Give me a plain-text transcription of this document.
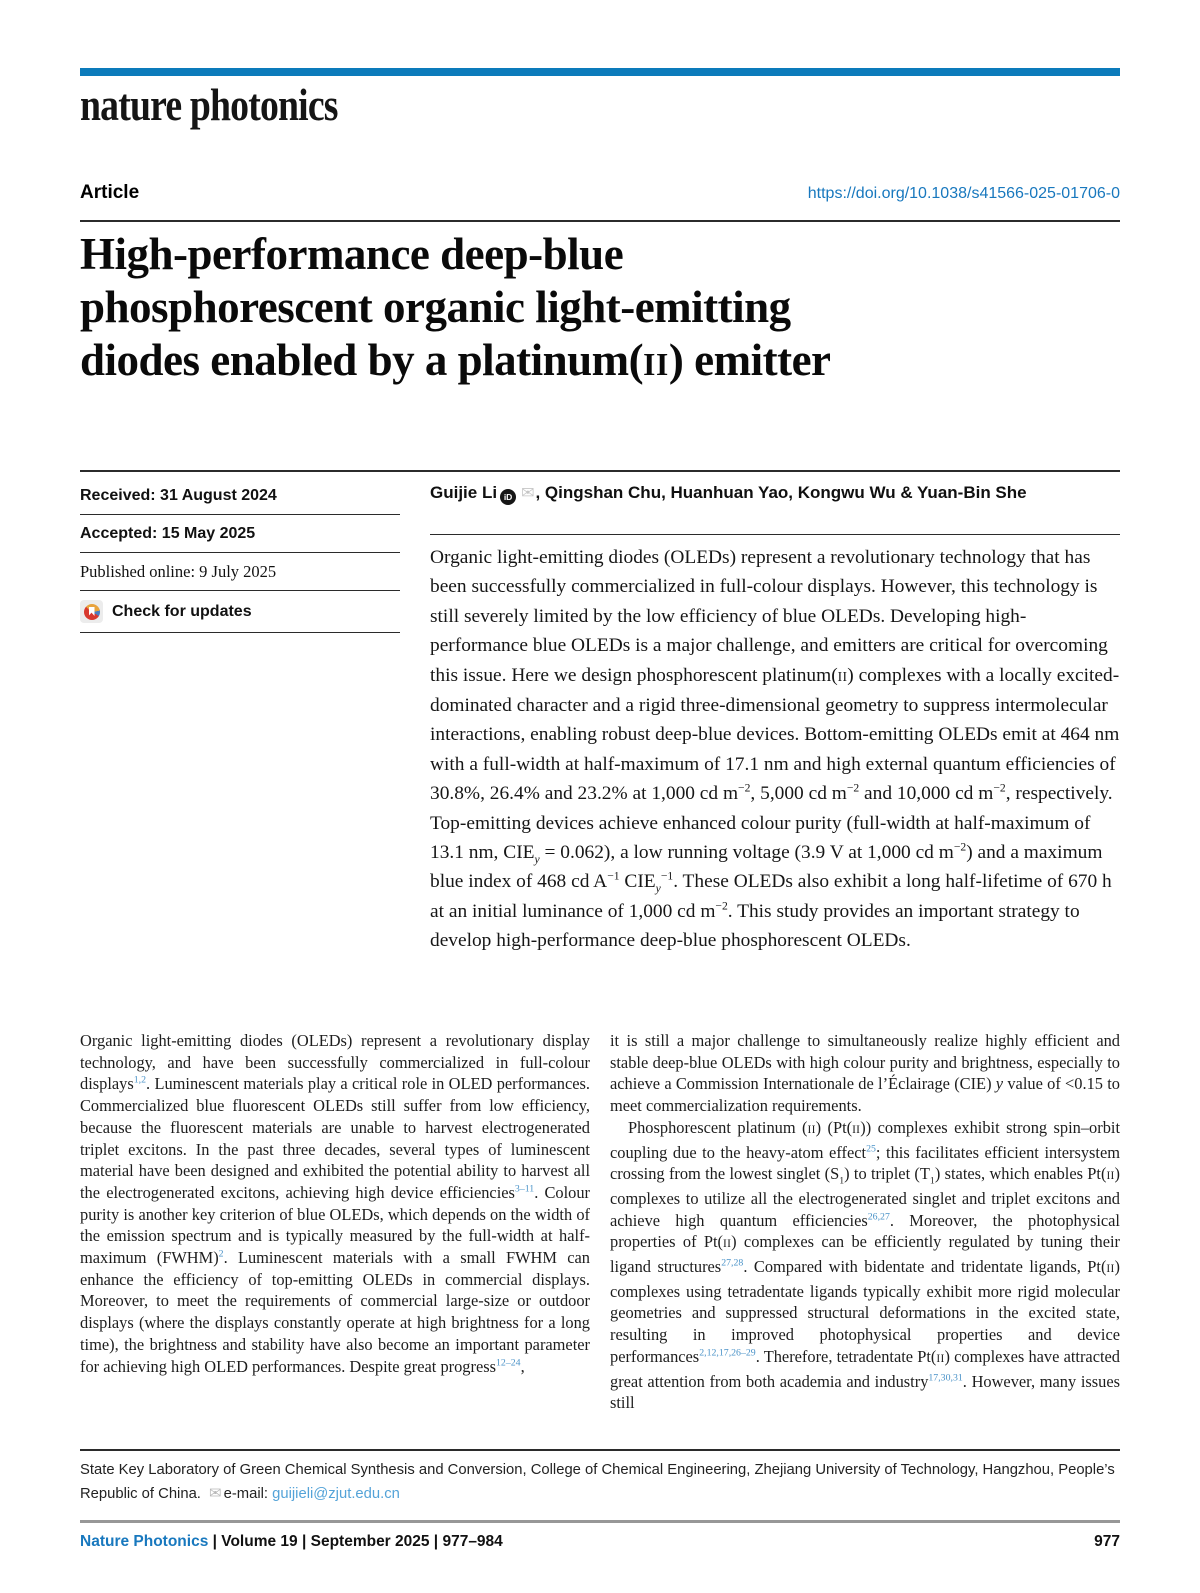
nature photonics
Article	https://doi.org/10.1038/s41566-025-01706-0
High-performance deep-blue
phosphorescent organic light-emitting
diodes enabled by a platinum(II) emitter
Received: 31 August 2024
Accepted: 15 May 2025
Published online: 9 July 2025
Check for updates
Guijie Li iD ✉, Qingshan Chu, Huanhuan Yao, Kongwu Wu & Yuan-Bin She

Organic light-emitting diodes (OLEDs) represent a revolutionary technology that has been successfully commercialized in full-colour displays. However, this technology is still severely limited by the low efficiency of blue OLEDs. Developing high-performance blue OLEDs is a major challenge, and emitters are critical for overcoming this issue. Here we design phosphorescent platinum(II) complexes with a locally excited-dominated character and a rigid three-dimensional geometry to suppress intermolecular interactions, enabling robust deep-blue devices. Bottom-emitting OLEDs emit at 464 nm with a full-width at half-maximum of 17.1 nm and high external quantum efficiencies of 30.8%, 26.4% and 23.2% at 1,000 cd $m^{-2}$, 5,000 cd $m^{-2}$ and 10,000 cd $m^{-2}$, respectively. Top-emitting devices achieve enhanced colour purity (full-width at half-maximum of 13.1 nm, $CIE_y = 0.062$), a low running voltage (3.9 V at 1,000 cd $m^{-2}$) and a maximum blue index of 468 cd $A^{-1}$ $CIE_y^{-1}$. These OLEDs also exhibit a long half-lifetime of 670 h at an initial luminance of 1,000 cd $m^{-2}$. This study provides an important strategy to develop high-performance deep-blue phosphorescent OLEDs.

Organic light-emitting diodes (OLEDs) represent a revolutionary display technology, and have been successfully commercialized in full-colour displays$^{1,2}$. Luminescent materials play a critical role in OLED performances. Commercialized blue fluorescent OLEDs still suffer from low efficiency, because the fluorescent materials are unable to harvest electrogenerated triplet excitons. In the past three decades, several types of luminescent material have been designed and exhibited the potential ability to harvest all the electrogenerated excitons, achieving high device efficiencies$^{3-11}$. Colour purity is another key criterion of blue OLEDs, which depends on the width of the emission spectrum and is typically measured by the full-width at half-maximum (FWHM)$^2$. Luminescent materials with a small FWHM can enhance the efficiency of top-emitting OLEDs in commercial displays. Moreover, to meet the requirements of commercial large-size or outdoor displays (where the displays constantly operate at high brightness for a long time), the brightness and stability have also become an important parameter for achieving high OLED performances. Despite great progress$^{12-24}$,

it is still a major challenge to simultaneously realize highly efficient and stable deep-blue OLEDs with high colour purity and brightness, especially to achieve a Commission Internationale de l’Éclairage (CIE) y value of <0.15 to meet commercialization requirements.

Phosphorescent platinum (II) (Pt(II)) complexes exhibit strong spin–orbit coupling due to the heavy-atom effect$^{25}$; this facilitates efficient intersystem crossing from the lowest singlet $(S_1)$ to triplet $(T_1)$ states, which enables Pt(II) complexes to utilize all the electrogenerated singlet and triplet excitons and achieve high quantum efficiencies$^{26,27}$. Moreover, the photophysical properties of Pt(II) complexes can be efficiently regulated by tuning their ligand structures$^{27,28}$. Compared with bidentate and tridentate ligands, Pt(II) complexes using tetradentate ligands typically exhibit more rigid molecular geometries and suppressed structural deformations in the excited state, resulting in improved photophysical properties and device performances$^{2,12,17,26-29}$. Therefore, tetradentate Pt(II) complexes have attracted great attention from both academia and industry$^{17,30,31}$. However, many issues still

State Key Laboratory of Green Chemical Synthesis and Conversion, College of Chemical Engineering, Zhejiang University of Technology, Hangzhou, People’s Republic of China. ✉ e-mail: guijieli@zjut.edu.cn

Nature Photonics | Volume 19 | September 2025 | 977–984	977
